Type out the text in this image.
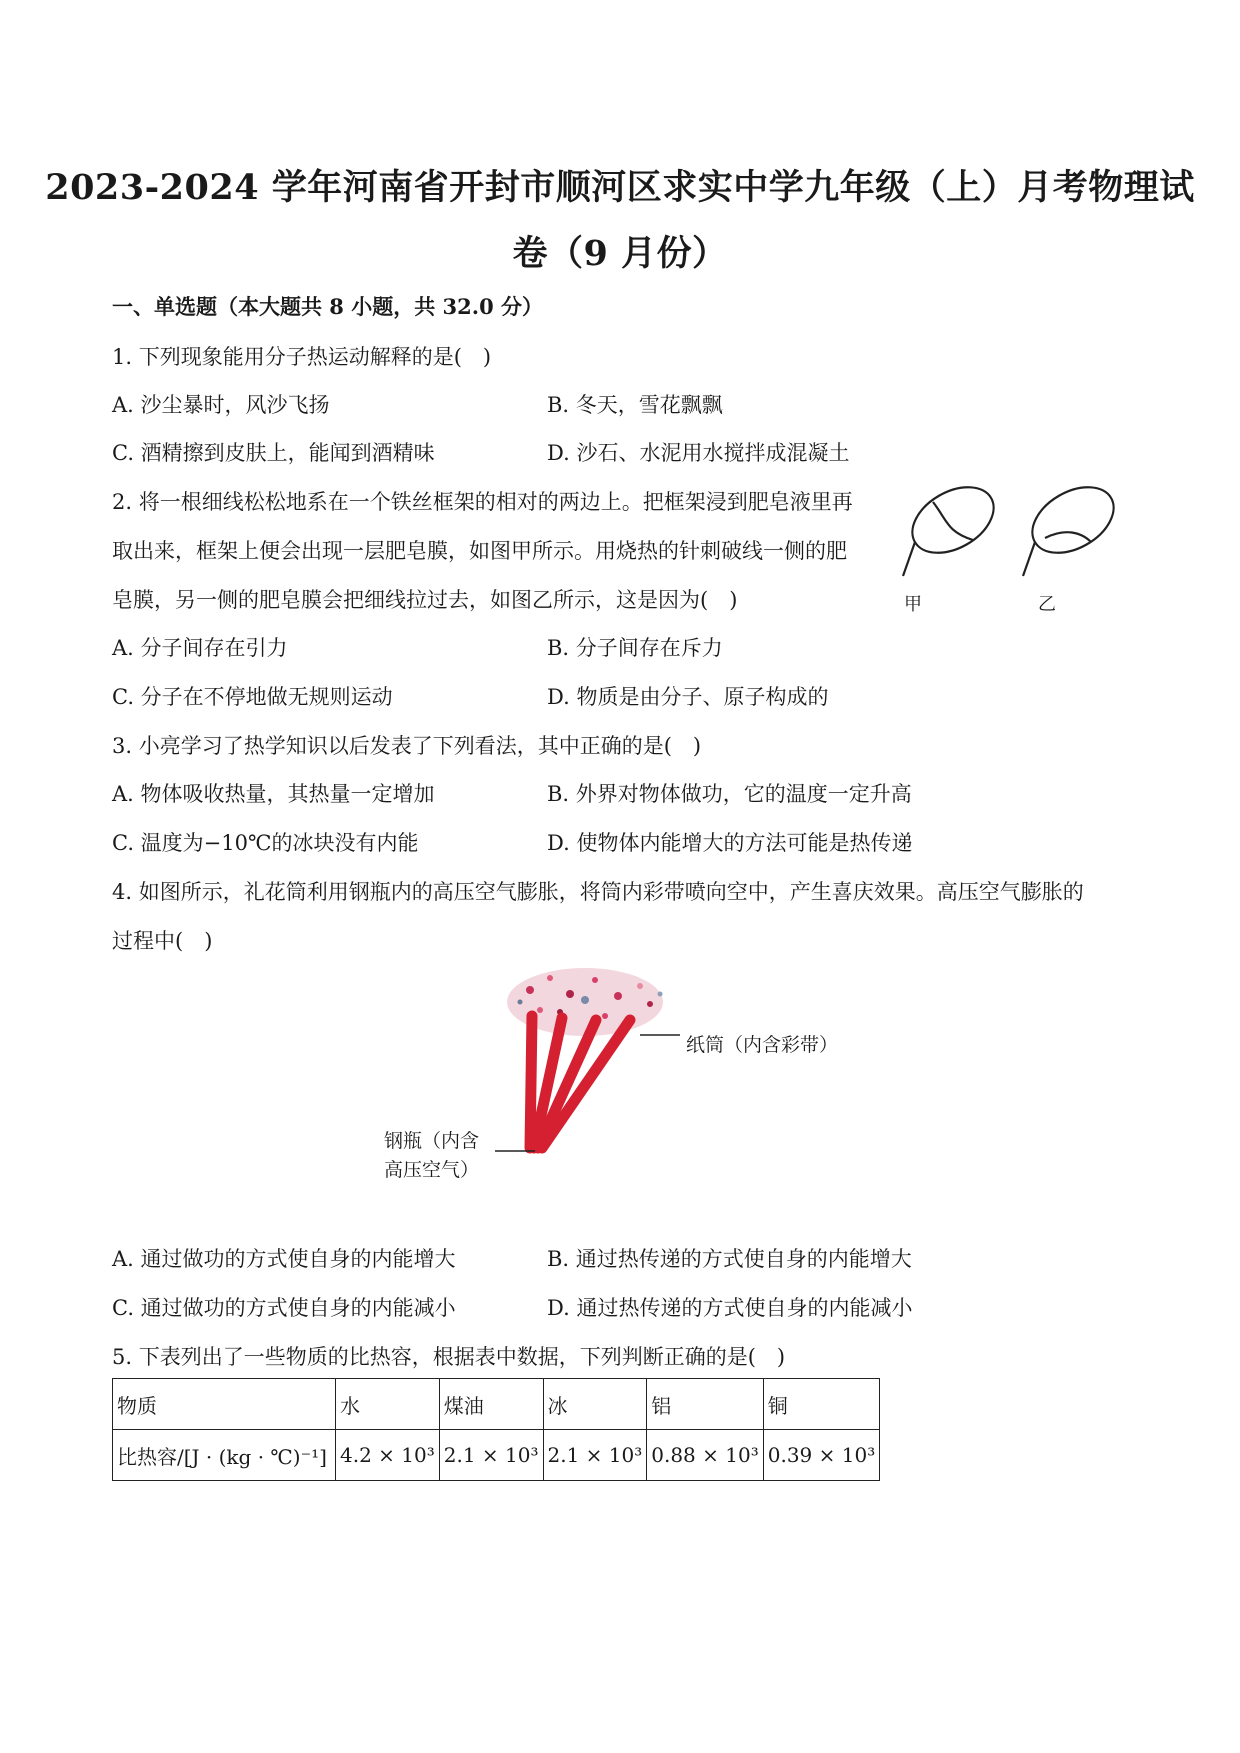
2023-2024 学年河南省开封市顺河区求实中学九年级（上）月考物理试
卷（9 月份）
一、单选题（本大题共 8 小题，共 32.0 分）
1. 下列现象能用分子热运动解释的是(　)
A. 沙尘暴时，风沙飞扬	B. 冬天，雪花飘飘
C. 酒精擦到皮肤上，能闻到酒精味	D. 沙石、水泥用水搅拌成混凝土
2. 将一根细线松松地系在一个铁丝框架的相对的两边上。把框架浸到肥皂液里再
取出来，框架上便会出现一层肥皂膜，如图甲所示。用烧热的针刺破线一侧的肥
皂膜，另一侧的肥皂膜会把细线拉过去，如图乙所示，这是因为(　)	甲	乙
A. 分子间存在引力	B. 分子间存在斥力
C. 分子在不停地做无规则运动	D. 物质是由分子、原子构成的
3. 小亮学习了热学知识以后发表了下列看法，其中正确的是(　)
A. 物体吸收热量，其热量一定增加	B. 外界对物体做功，它的温度一定升高
C. 温度为−10℃的冰块没有内能	D. 使物体内能增大的方法可能是热传递
4. 如图所示，礼花筒利用钢瓶内的高压空气膨胀，将筒内彩带喷向空中，产生喜庆效果。高压空气膨胀的
过程中(　)
纸筒（内含彩带）
钢瓶（内含
高压空气）
A. 通过做功的方式使自身的内能增大	B. 通过热传递的方式使自身的内能增大
C. 通过做功的方式使自身的内能减小	D. 通过热传递的方式使自身的内能减小
5. 下表列出了一些物质的比热容，根据表中数据，下列判断正确的是(　)
物质	水	煤油	冰	铝	铜
比热容/[J · (kg · ℃)⁻¹]	4.2 × 10³	2.1 × 10³	2.1 × 10³	0.88 × 10³	0.39 × 10³
